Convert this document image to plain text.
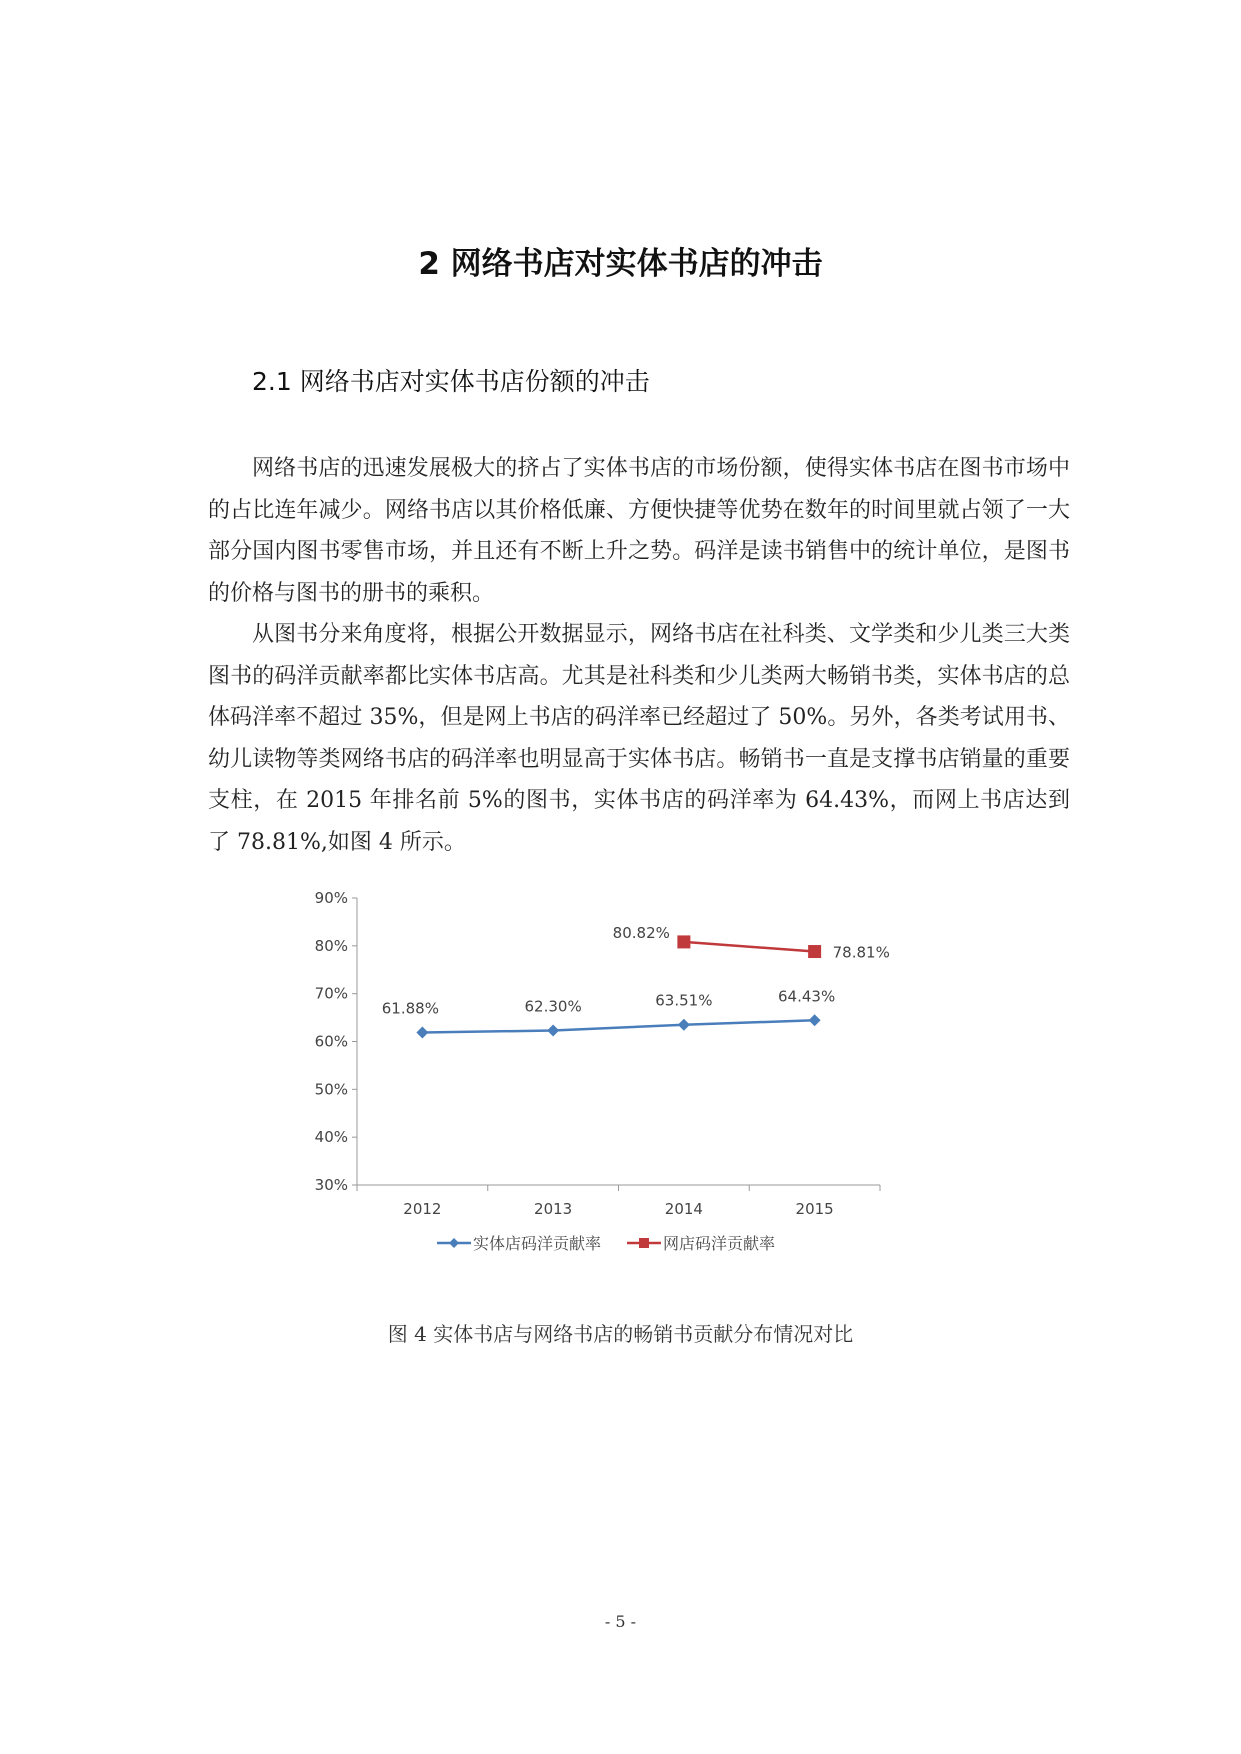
2 网络书店对实体书店的冲击
2.1 网络书店对实体书店份额的冲击

网络书店的迅速发展极大的挤占了实体书店的市场份额，使得实体书店在图书市场中的占比连年减少。网络书店以其价格低廉、方便快捷等优势在数年的时间里就占领了一大部分国内图书零售市场，并且还有不断上升之势。码洋是读书销售中的统计单位，是图书的价格与图书的册书的乘积。

从图书分来角度将，根据公开数据显示，网络书店在社科类、文学类和少儿类三大类图书的码洋贡献率都比实体书店高。尤其是社科类和少儿类两大畅销书类，实体书店的总体码洋率不超过 35%，但是网上书店的码洋率已经超过了 50%。另外，各类考试用书、幼儿读物等类网络书店的码洋率也明显高于实体书店。畅销书一直是支撑书店销量的重要支柱，在 2015 年排名前 5%的图书，实体书店的码洋率为 64.43%，而网上书店达到了 78.81%,如图 4 所示。

90%
80%
70%
60%
50%
40%
30%
2012	2013	2014	2015
61.88%	62.30%	63.51%	64.43%
80.82%
78.81%
实体店码洋贡献率	网店码洋贡献率
图 4 实体书店与网络书店的畅销书贡献分布情况对比
- 5 -
